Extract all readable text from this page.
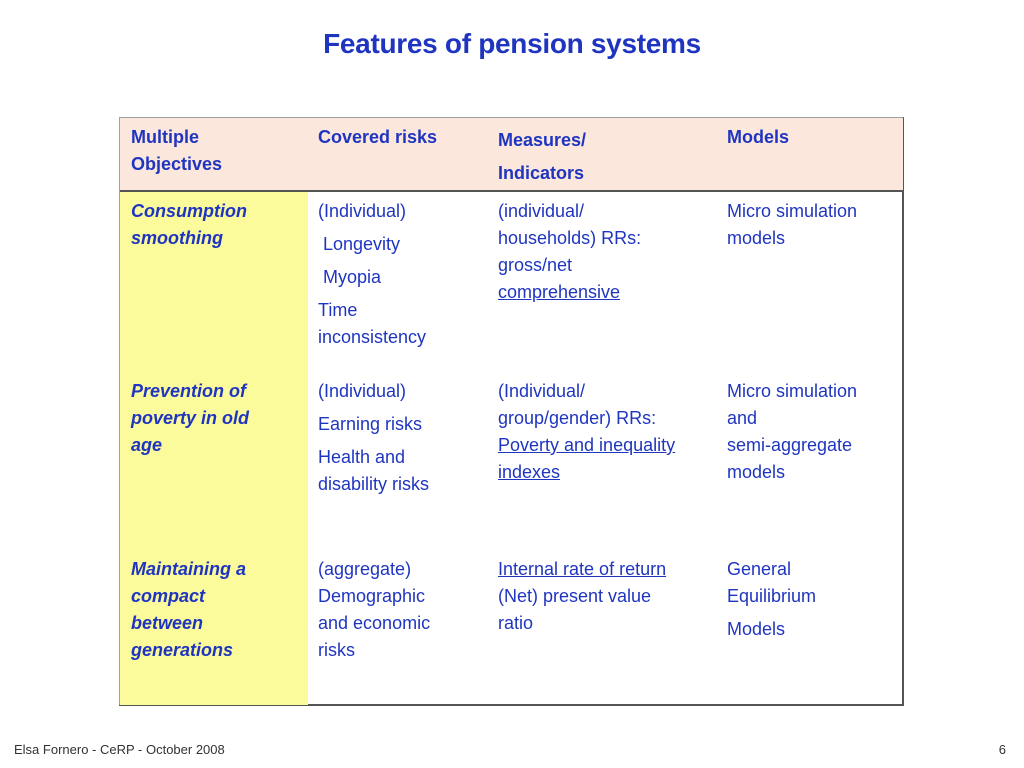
Features of pension systems
Multiple
Objectives
Covered risks	Measures/
Indicators
Models
Consumption
smoothing
(Individual)
Longevity
Myopia
Time
inconsistency
(individual/
households) RRs:
gross/net
comprehensive
Micro simulation
models
Prevention of
poverty in old
age
(Individual)
Earning risks
Health and
disability risks
(Individual/
group/gender) RRs:
Poverty and inequality
indexes
Micro simulation
and
semi-aggregate
models
Maintaining a
compact
between
generations
(aggregate)
Demographic
and economic
risks
Internal rate of return
(Net) present value
ratio
General
Equilibrium
Models
Elsa Fornero - CeRP - October 2008	6
